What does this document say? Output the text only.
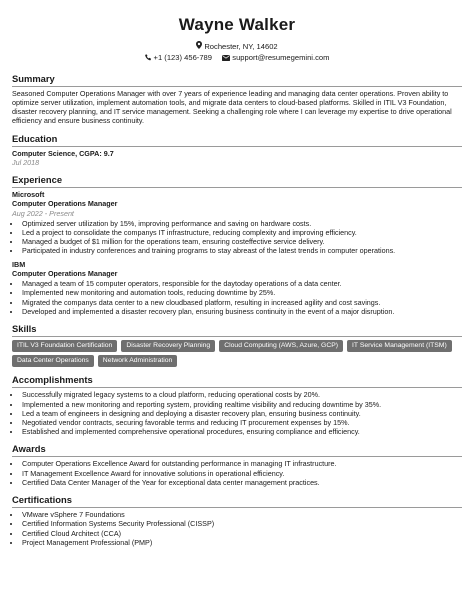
Wayne Walker
Rochester, NY, 14602
+1 (123) 456-789	support@resumegemini.com
Summary

Seasoned Computer Operations Manager with over 7 years of experience leading and managing data center operations. Proven ability to optimize server utilization, implement automation tools, and migrate data centers to cloud-based platforms. Skilled in ITIL V3 Foundation, disaster recovery planning, and IT service management. Seeking a challenging role where I can leverage my expertise to drive operational efficiency and ensure business continuity.

Education
Computer Science, CGPA: 9.7
Jul 2018
Experience
Microsoft
Computer Operations Manager
Aug 2022 - Present
• Optimized server utilization by 15%, improving performance and saving on hardware costs.
• Led a project to consolidate the companys IT infrastructure, reducing complexity and improving efficiency.
• Managed a budget of $1 million for the operations team, ensuring costeffective service delivery.
• Participated in industry conferences and training programs to stay abreast of the latest trends in computer operations.
IBM
Computer Operations Manager
• Managed a team of 15 computer operators, responsible for the daytoday operations of a data center.
• Implemented new monitoring and automation tools, reducing downtime by 25%.
• Migrated the companys data center to a new cloudbased platform, resulting in increased agility and cost savings.
• Developed and implemented a disaster recovery plan, ensuring business continuity in the event of a major disruption.
Skills
ITIL V3 Foundation Certification	Disaster Recovery Planning	Cloud Computing (AWS, Azure, GCP)	IT Service Management (ITSM)
Data Center Operations	Network Administration
Accomplishments
• Successfully migrated legacy systems to a cloud platform, reducing operational costs by 20%.
• Implemented a new monitoring and reporting system, providing realtime visibility and reducing downtime by 35%.
• Led a team of engineers in designing and deploying a disaster recovery plan, ensuring business continuity.
• Negotiated vendor contracts, securing favorable terms and reducing IT procurement expenses by 15%.
• Established and implemented comprehensive operational procedures, ensuring compliance and efficiency.
Awards
• Computer Operations Excellence Award for outstanding performance in managing IT infrastructure.
• IT Management Excellence Award for innovative solutions in operational efficiency.
• Certified Data Center Manager of the Year for exceptional data center management practices.
Certifications
• VMware vSphere 7 Foundations
• Certified Information Systems Security Professional (CISSP)
• Certified Cloud Architect (CCA)
• Project Management Professional (PMP)
